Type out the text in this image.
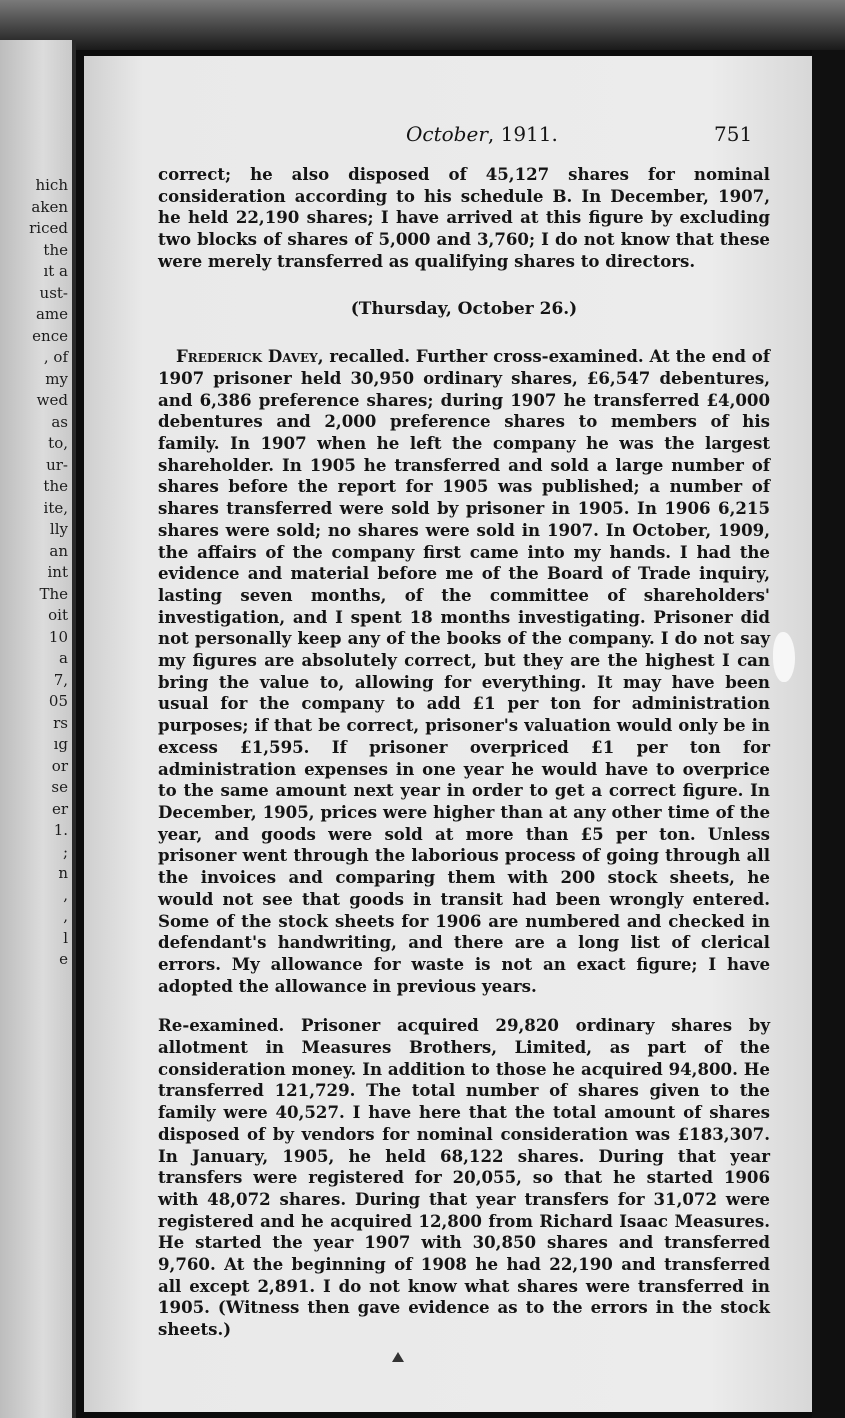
hich
aken
riced
the
ıt a
ust-
ame
ence
, of
my
wed
as
to,
ur-
the
ite,
lly
an
int
The
oit
10
a
7,
05
rs
ıg
or
se
er
1.
;
n
,
,
l
e
October, 1911.	751

correct; he also disposed of 45,127 shares for nominal consideration according to his schedule B. In December, 1907, he held 22,190 shares; I have arrived at this figure by excluding two blocks of shares of 5,000 and 3,760; I do not know that these were merely transferred as qualifying shares to directors.

(Thursday, October 26.)

Frederick Davey, recalled. Further cross-examined. At the end of 1907 prisoner held 30,950 ordinary shares, £6,547 debentures, and 6,386 preference shares; during 1907 he transferred £4,000 debentures and 2,000 preference shares to members of his family. In 1907 when he left the company he was the largest shareholder. In 1905 he transferred and sold a large number of shares before the report for 1905 was published; a number of shares transferred were sold by prisoner in 1905. In 1906 6,215 shares were sold; no shares were sold in 1907. In October, 1909, the affairs of the company first came into my hands. I had the evidence and material before me of the Board of Trade inquiry, lasting seven months, of the committee of shareholders' investigation, and I spent 18 months investigating. Prisoner did not personally keep any of the books of the company. I do not say my figures are absolutely correct, but they are the highest I can bring the value to, allowing for everything. It may have been usual for the company to add £1 per ton for administration purposes; if that be correct, prisoner's valuation would only be in excess £1,595. If prisoner overpriced £1 per ton for administration expenses in one year he would have to overprice to the same amount next year in order to get a correct figure. In December, 1905, prices were higher than at any other time of the year, and goods were sold at more than £5 per ton. Unless prisoner went through the laborious process of going through all the invoices and comparing them with 200 stock sheets, he would not see that goods in transit had been wrongly entered. Some of the stock sheets for 1906 are numbered and checked in defendant's handwriting, and there are a long list of clerical errors. My allowance for waste is not an exact figure; I have adopted the allowance in previous years.

Re-examined. Prisoner acquired 29,820 ordinary shares by allotment in Measures Brothers, Limited, as part of the consideration money. In addition to those he acquired 94,800. He transferred 121,729. The total number of shares given to the family were 40,527. I have here that the total amount of shares disposed of by vendors for nominal consideration was £183,307. In January, 1905, he held 68,122 shares. During that year transfers were registered for 20,055, so that he started 1906 with 48,072 shares. During that year transfers for 31,072 were registered and he acquired 12,800 from Richard Isaac Measures. He started the year 1907 with 30,850 shares and transferred 9,760. At the beginning of 1908 he had 22,190 and transferred all except 2,891. I do not know what shares were transferred in 1905. (Witness then gave evidence as to the errors in the stock sheets.)
